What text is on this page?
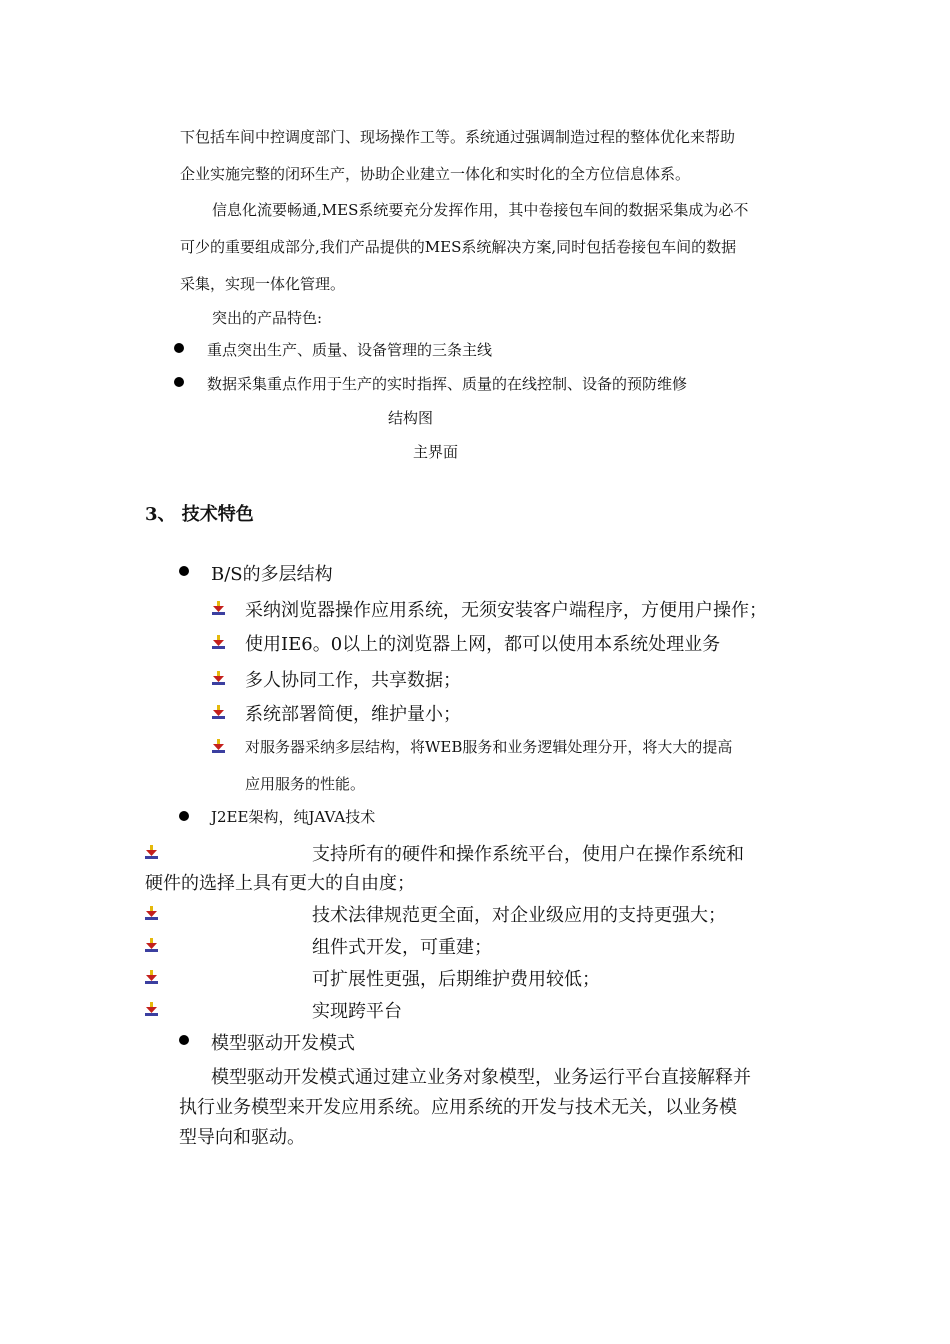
下包括车间中控调度部门、现场操作工等。系统通过强调制造过程的整体优化来帮助
企业实施完整的闭环生产，协助企业建立一体化和实时化的全方位信息体系。
信息化流要畅通,MES系统要充分发挥作用，其中卷接包车间的数据采集成为必不
可少的重要组成部分,我们产品提供的MES系统解决方案,同时包括卷接包车间的数据
采集，实现一体化管理。
突出的产品特色:
重点突出生产、质量、设备管理的三条主线
数据采集重点作用于生产的实时指挥、质量的在线控制、设备的预防维修
结构图
主界面
3、 技术特色
B/S的多层结构
采纳浏览器操作应用系统，无须安装客户端程序，方便用户操作；
使用IE6。0以上的浏览器上网，都可以使用本系统处理业务
多人协同工作，共享数据；
系统部署简便，维护量小；
对服务器采纳多层结构，将WEB服务和业务逻辑处理分开，将大大的提高
应用服务的性能。
J2EE架构，纯JAVA技术
支持所有的硬件和操作系统平台，使用户在操作系统和
硬件的选择上具有更大的自由度；
技术法律规范更全面，对企业级应用的支持更强大；
组件式开发，可重建；
可扩展性更强，后期维护费用较低；
实现跨平台
模型驱动开发模式
模型驱动开发模式通过建立业务对象模型，业务运行平台直接解释并
执行业务模型来开发应用系统。应用系统的开发与技术无关，以业务模
型导向和驱动。
